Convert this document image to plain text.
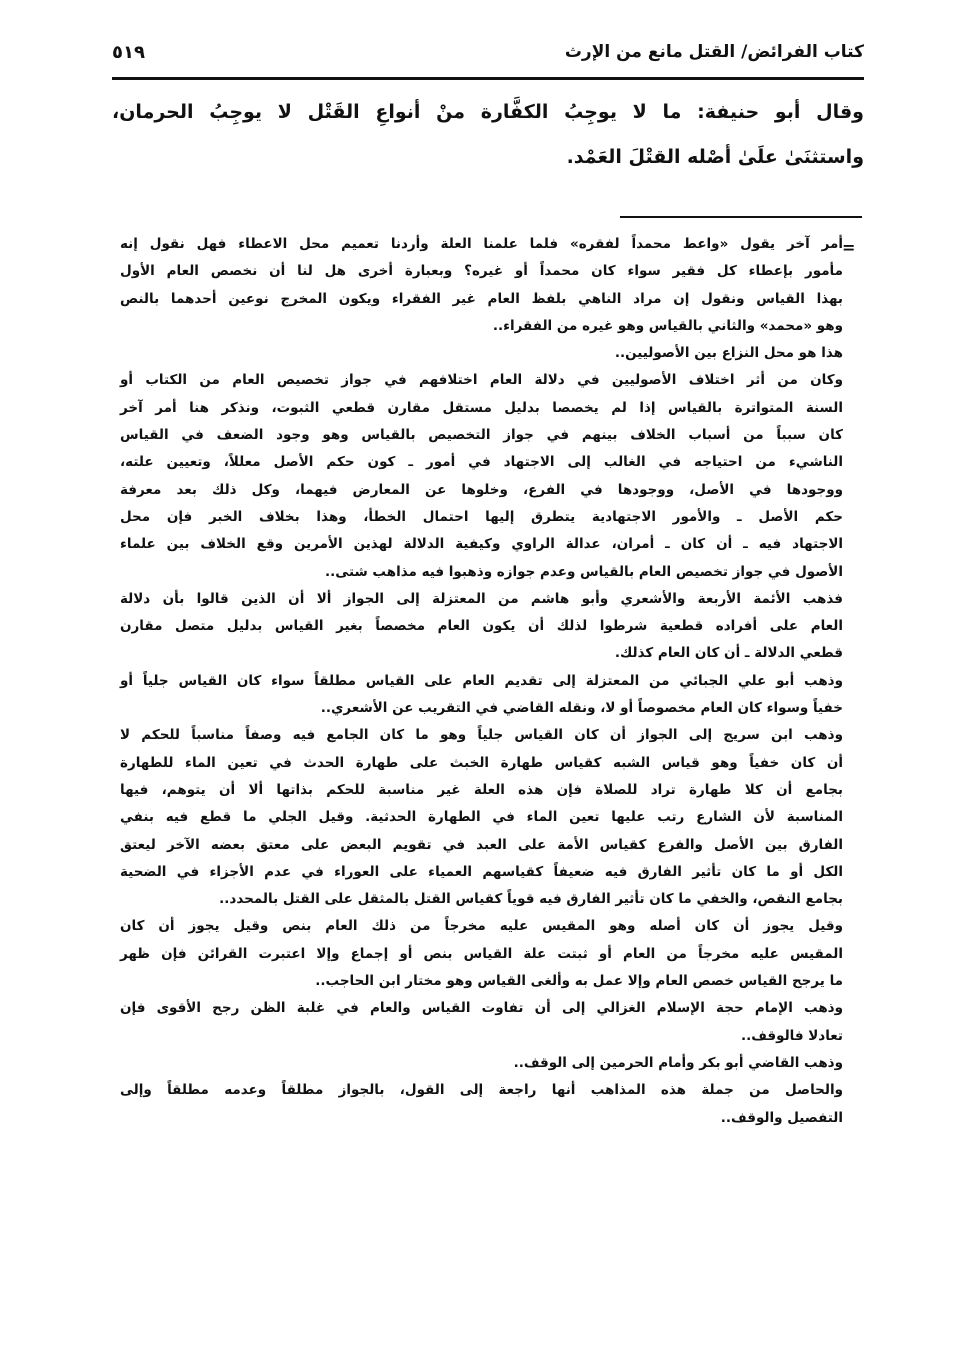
كتاب الفرائض/ القتل مانع من الإرث
٥١٩
وقال أبو حنيفة: ما لا يوجِبُ الكفَّارة منْ أنواعِ القَتْل لا يوجِبُ الحرمان،
واستثنَىٰ علَىٰ أصْله القتْلَ العَمْد.
=
أمر آخر يقول «واعط محمداً لفقره» فلما علمنا العلة وأردنا تعميم محل الاعطاء فهل نقول إنه
مأمور بإعطاء كل فقير سواء كان محمداً أو غيره؟ وبعبارة أخرى هل لنا أن نخصص العام الأول
بهذا القياس ونقول إن مراد الناهي بلفظ العام غير الفقراء ويكون المخرج نوعين أحدهما بالنص
وهو «محمد» والثاني بالقياس وهو غيره من الفقراء..
هذا هو محل النزاع بين الأصوليين..
وكان من أثر اختلاف الأصوليين في دلالة العام اختلافهم في جواز تخصيص العام من الكتاب أو
السنة المتواترة بالقياس إذا لم يخصصا بدليل مستقل مقارن قطعي الثبوت، ونذكر هنا أمر آخر
كان سبباً من أسباب الخلاف بينهم في جواز التخصيص بالقياس وهو وجود الضعف في القياس
الناشيء من احتياجه في الغالب إلى الاجتهاد في أمور ـ كون حكم الأصل معللاً، وتعيين علته،
ووجودها في الأصل، ووجودها في الفرع، وخلوها عن المعارض فيهما، وكل ذلك بعد معرفة
حكم الأصل ـ والأمور الاجتهادية يتطرق إليها احتمال الخطأ، وهذا بخلاف الخبر فإن محل
الاجتهاد فيه ـ أن كان ـ أمران، عدالة الراوي وكيفية الدلالة لهذين الأمرين وقع الخلاف بين علماء
الأصول في جواز تخصيص العام بالقياس وعدم جوازه وذهبوا فيه مذاهب شتى..
فذهب الأئمة الأربعة والأشعري وأبو هاشم من المعتزلة إلى الجواز ألا أن الذين قالوا بأن دلالة
العام على أفراده قطعية شرطوا لذلك أن يكون العام مخصصاً بغير القياس بدليل متصل مقارن
قطعي الدلالة ـ أن كان العام كذلك.
وذهب أبو علي الجبائي من المعتزلة إلى تقديم العام على القياس مطلقاً سواء كان القياس جلياً أو
خفياً وسواء كان العام مخصوصاً أو لا، ونقله القاضي في التقريب عن الأشعري..
وذهب ابن سريج إلى الجواز أن كان القياس جلياً وهو ما كان الجامع فيه وصفاً مناسباً للحكم لا
أن كان خفياً وهو قياس الشبه كقياس طهارة الخبث على طهارة الحدث في تعين الماء للطهارة
بجامع أن كلا طهارة تراد للصلاة فإن هذه العلة غير مناسبة للحكم بذاتها ألا أن يتوهم، فيها
المناسبة لأن الشارع رتب عليها تعين الماء في الطهارة الحدثية. وقيل الجلي ما قطع فيه بنفي
الفارق بين الأصل والفرع كقياس الأمة على العبد في تقويم البعض على معتق بعضه الآخر ليعتق
الكل أو ما كان تأثير الفارق فيه ضعيفاً كقياسهم العمياء على العوراء في عدم الأجزاء في الضحية
بجامع النقص، والخفي ما كان تأثير الفارق فيه قوياً كقياس القتل بالمثقل على القتل بالمحدد..
وقيل يجوز أن كان أصله وهو المقيس عليه مخرجاً من ذلك العام بنص وقيل يجوز أن كان
المقيس عليه مخرجاً من العام أو ثبتت علة القياس بنص أو إجماع وإلا اعتبرت القرائن فإن ظهر
ما يرجح القياس خصص العام وإلا عمل به وألغى القياس وهو مختار ابن الحاجب..
وذهب الإمام حجة الإسلام الغزالي إلى أن تفاوت القياس والعام في غلبة الظن رجح الأقوى فإن
تعادلا فالوقف..
وذهب القاضي أبو بكر وأمام الحرمين إلى الوقف..
والحاصل من جملة هذه المذاهب أنها راجعة إلى القول، بالجواز مطلقاً وعدمه مطلقاً وإلى
التفصيل والوقف..
